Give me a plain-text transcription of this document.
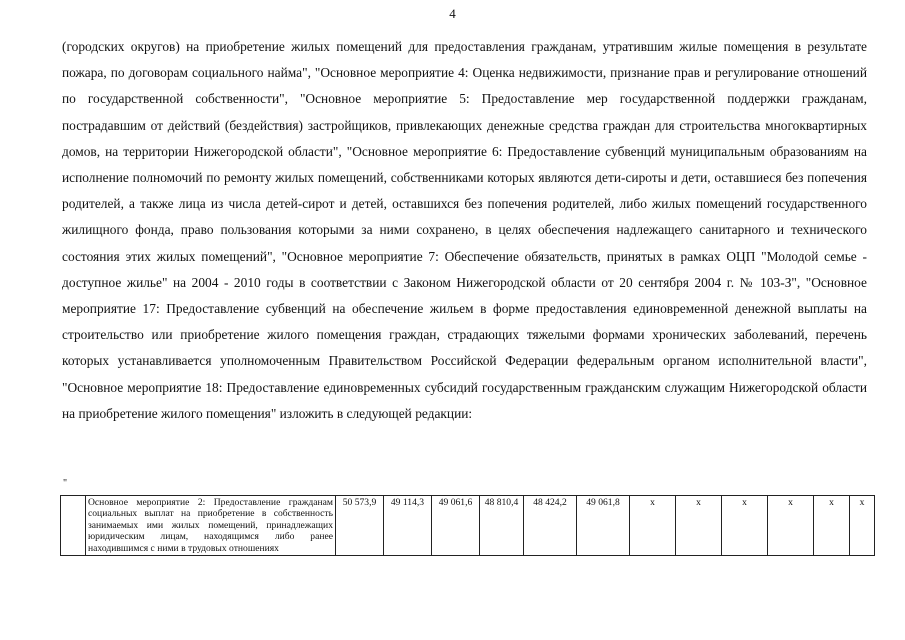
4

(городских округов) на приобретение жилых помещений для предоставления гражданам, утратившим жилые помещения в результате пожара, по договорам социального найма", "Основное мероприятие 4: Оценка недвижимости, признание прав и регулирование отношений по государственной собственности", "Основное мероприятие 5: Предоставление мер государственной поддержки гражданам, пострадавшим от действий (бездействия) застройщиков, привлекающих денежные средства граждан для строительства многоквартирных домов, на территории Нижегородской области", "Основное мероприятие 6: Предоставление субвенций муниципальным образованиям на исполнение полномочий по ремонту жилых помещений, собственниками которых являются дети-сироты и дети, оставшиеся без попечения родителей, а также лица из числа детей-сирот и детей, оставшихся без попечения родителей, либо жилых помещений государственного жилищного фонда, право пользования которыми за ними сохранено, в целях обеспечения надлежащего санитарного и технического состояния этих жилых помещений", "Основное мероприятие 7: Обеспечение обязательств, принятых в рамках ОЦП "Молодой семье - доступное жилье" на 2004 - 2010 годы в соответствии с Законом Нижегородской области от 20 сентября 2004 г. № 103-З", "Основное мероприятие 17: Предоставление субвенций на обеспечение жильем в форме предоставления единовременной денежной выплаты на строительство или приобретение жилого помещения граждан, страдающих тяжелыми формами хронических заболеваний, перечень которых устанавливается уполномоченным Правительством Российской Федерации федеральным органом исполнительной власти", "Основное мероприятие 18: Предоставление единовременных субсидий государственным гражданским служащим Нижегородской области на приобретение жилого помещения" изложить в следующей редакции:

"
	Основное мероприятие 2: Предоставление гражданам социальных выплат на приобретение в собственность занимаемых ими жилых помещений, принадлежащих юридическим лицам, находящимся либо ранее находившимся с ними в трудовых отношениях	50 573,9	49 114,3	49 061,6	48 810,4	48 424,2	49 061,8	х	х	х	х	х	х	
